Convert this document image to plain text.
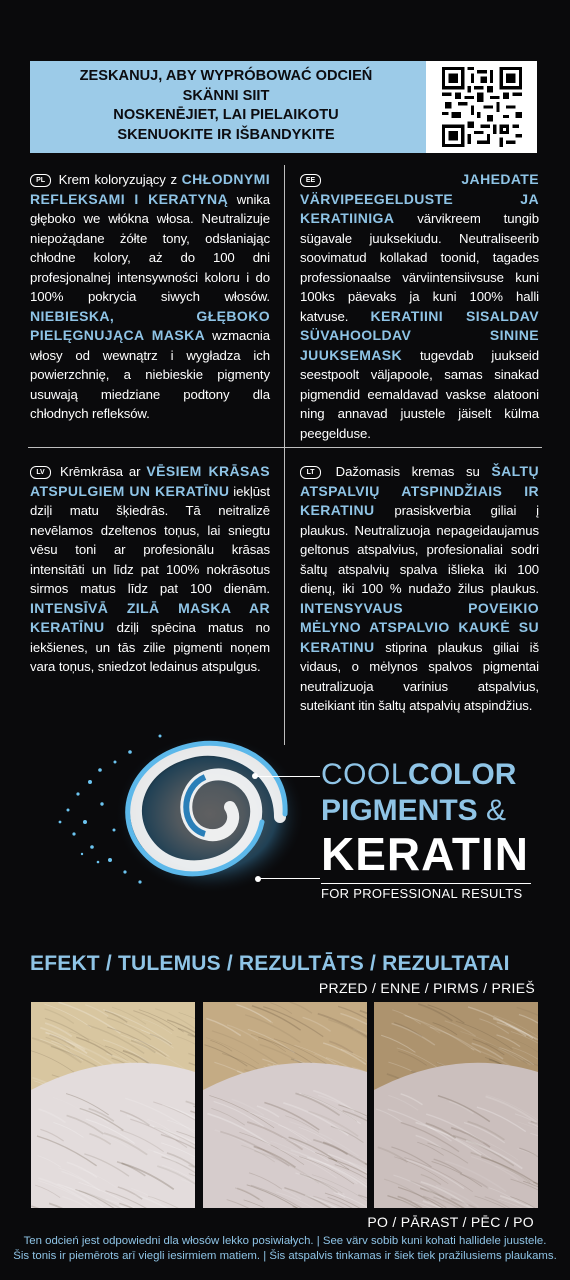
ZESKANUJ, ABY WYPRÓBOWAĆ ODCIEŃ
SKÄNNI SIIT
NOSKENĒJIET, LAI PIELAIKOTU
SKENUOKITE IR IŠBANDYKITE
PL Krem koloryzujący z CHŁODNYMI REFLEKSAMI I KERATYNĄ wnika głęboko we włókna włosa. Neutralizuje niepożądane żółte tony, odsłaniając chłodne kolory, aż do 100 dni profesjonalnej intensywności koloru i do 100% pokrycia siwych włosów. NIEBIESKA, GŁĘBOKO PIELĘGNUJĄCA MASKA wzmacnia włosy od wewnątrz i wygładza ich powierzchnię, a niebieskie pigmenty usuwają miedziane podtony dla chłodnych refleksów.
EE	JAHEDATE VÄRVIPEEGELDUSTE JA KERATIINIGA värvikreem tungib sügavale juuksekiudu. Neutraliseerib soovimatud kollakad toonid, tagades professionaalse värviintensiivsuse kuni 100ks päevaks ja kuni 100% halli katvuse. KERATIINI SISALDAV SÜVAHOOLDAV SININE JUUKSEMASK tugevdab juukseid seestpoolt väljapoole, samas sinakad pigmendid eemaldavad vaskse alatooni ning annavad juustele jäiselt külma peegelduse.
LV Krēmkrāsa ar VĒSIEM KRĀSAS ATSPULGIEM UN KERATĪNU iekļūst dziļi matu šķiedrās. Tā neitralizē nevēlamos dzeltenos toņus, lai sniegtu vēsu toni ar profesionālu krāsas intensitāti un līdz pat 100% nokrāsotus sirmos matus līdz pat 100 dienām. INTENSĪVĀ ZILĀ MASKA AR KERATĪNU dziļi spēcina matus no iekšienes, un tās zilie pigmenti noņem vara toņus, sniedzot ledainus atspulgus.
LT Dažomasis kremas su ŠALTŲ ATSPALVIŲ ATSPINDŽIAIS IR KERATINU prasiskverbia giliai į plaukus. Neutralizuoja nepageidaujamus geltonus atspalvius, profesionaliai sodri šaltų atspalvių spalva išlieka iki 100 dienų, iki 100 % nudažo žilus plaukus. INTENSYVAUS POVEIKIO MĖLYNO ATSPALVIO KAUKĖ SU KERATINU stiprina plaukus giliai iš vidaus, o mėlynos spalvos pigmentai neutralizuoja varinius atspalvius, suteikiant itin šaltų atspalvių atspindžius.
COOLCOLOR
PIGMENTS &
KERATIN
FOR PROFESSIONAL RESULTS
EFEKT / TULEMUS / REZULTĀTS / REZULTATAI
PRZED / ENNE / PIRMS / PRIEŠ
PO / PĀRAST / PĒC / PO
Ten odcień jest odpowiedni dla włosów lekko posiwiałych. | See värv sobib kuni kohati hallidele juustele.
Šis tonis ir piemērots arī viegli iesirmiem matiem. | Šis atspalvis tinkamas ir šiek tiek pražilusiems plaukams.
